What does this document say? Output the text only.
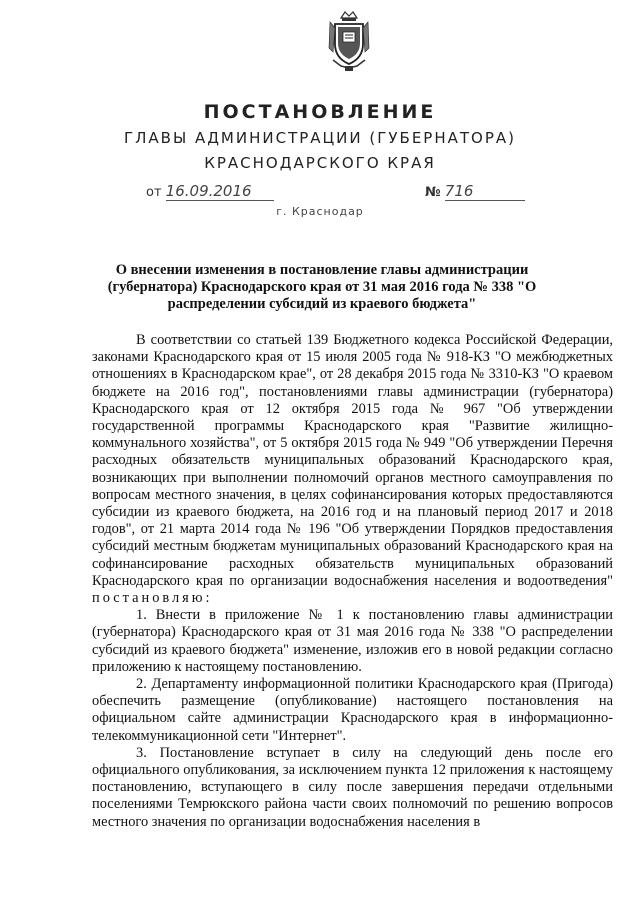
ПОСТАНОВЛЕНИЕ
ГЛАВЫ АДМИНИСТРАЦИИ (ГУБЕРНАТОРА)
КРАСНОДАРСКОГО КРАЯ
от 16.09.2016	№ 716
г. Краснодар
О внесении изменения в постановление главы администрации (губернатора) Краснодарского края от 31 мая 2016 года № 338 "О распределении субсидий из краевого бюджета"

В соответствии со статьей 139 Бюджетного кодекса Российской Федерации, законами Краснодарского края от 15 июля 2005 года № 918-КЗ "О межбюджетных отношениях в Краснодарском крае", от 28 декабря 2015 года № 3310-КЗ "О краевом бюджете на 2016 год", постановлениями главы администрации (губернатора) Краснодарского края от 12 октября 2015 года № 967 "Об утверждении государственной программы Краснодарского края "Развитие жилищно-коммунального хозяйства", от 5 октября 2015 года № 949 "Об утверждении Перечня расходных обязательств муниципальных образований Краснодарского края, возникающих при выполнении полномочий органов местного самоуправления по вопросам местного значения, в целях софинансирования которых предоставляются субсидии из краевого бюджета, на 2016 год и на плановый период 2017 и 2018 годов", от 21 марта 2014 года № 196 "Об утверждении Порядков предоставления субсидий местным бюджетам муниципальных образований Краснодарского края на софинансирование расходных обязательств муниципальных образований Краснодарского края по организации водоснабжения населения и водоотведения" постановляю:

1. Внести в приложение № 1 к постановлению главы администрации (губернатора) Краснодарского края от 31 мая 2016 года № 338 "О распределении субсидий из краевого бюджета" изменение, изложив его в новой редакции согласно приложению к настоящему постановлению.

2. Департаменту информационной политики Краснодарского края (Пригода) обеспечить размещение (опубликование) настоящего постановления на официальном сайте администрации Краснодарского края в информационно-телекоммуникационной сети "Интернет".

3. Постановление вступает в силу на следующий день после его официального опубликования, за исключением пункта 12 приложения к настоящему постановлению, вступающего в силу после завершения передачи отдельными поселениями Темрюкского района части своих полномочий по решению вопросов местного значения по организации водоснабжения населения в
